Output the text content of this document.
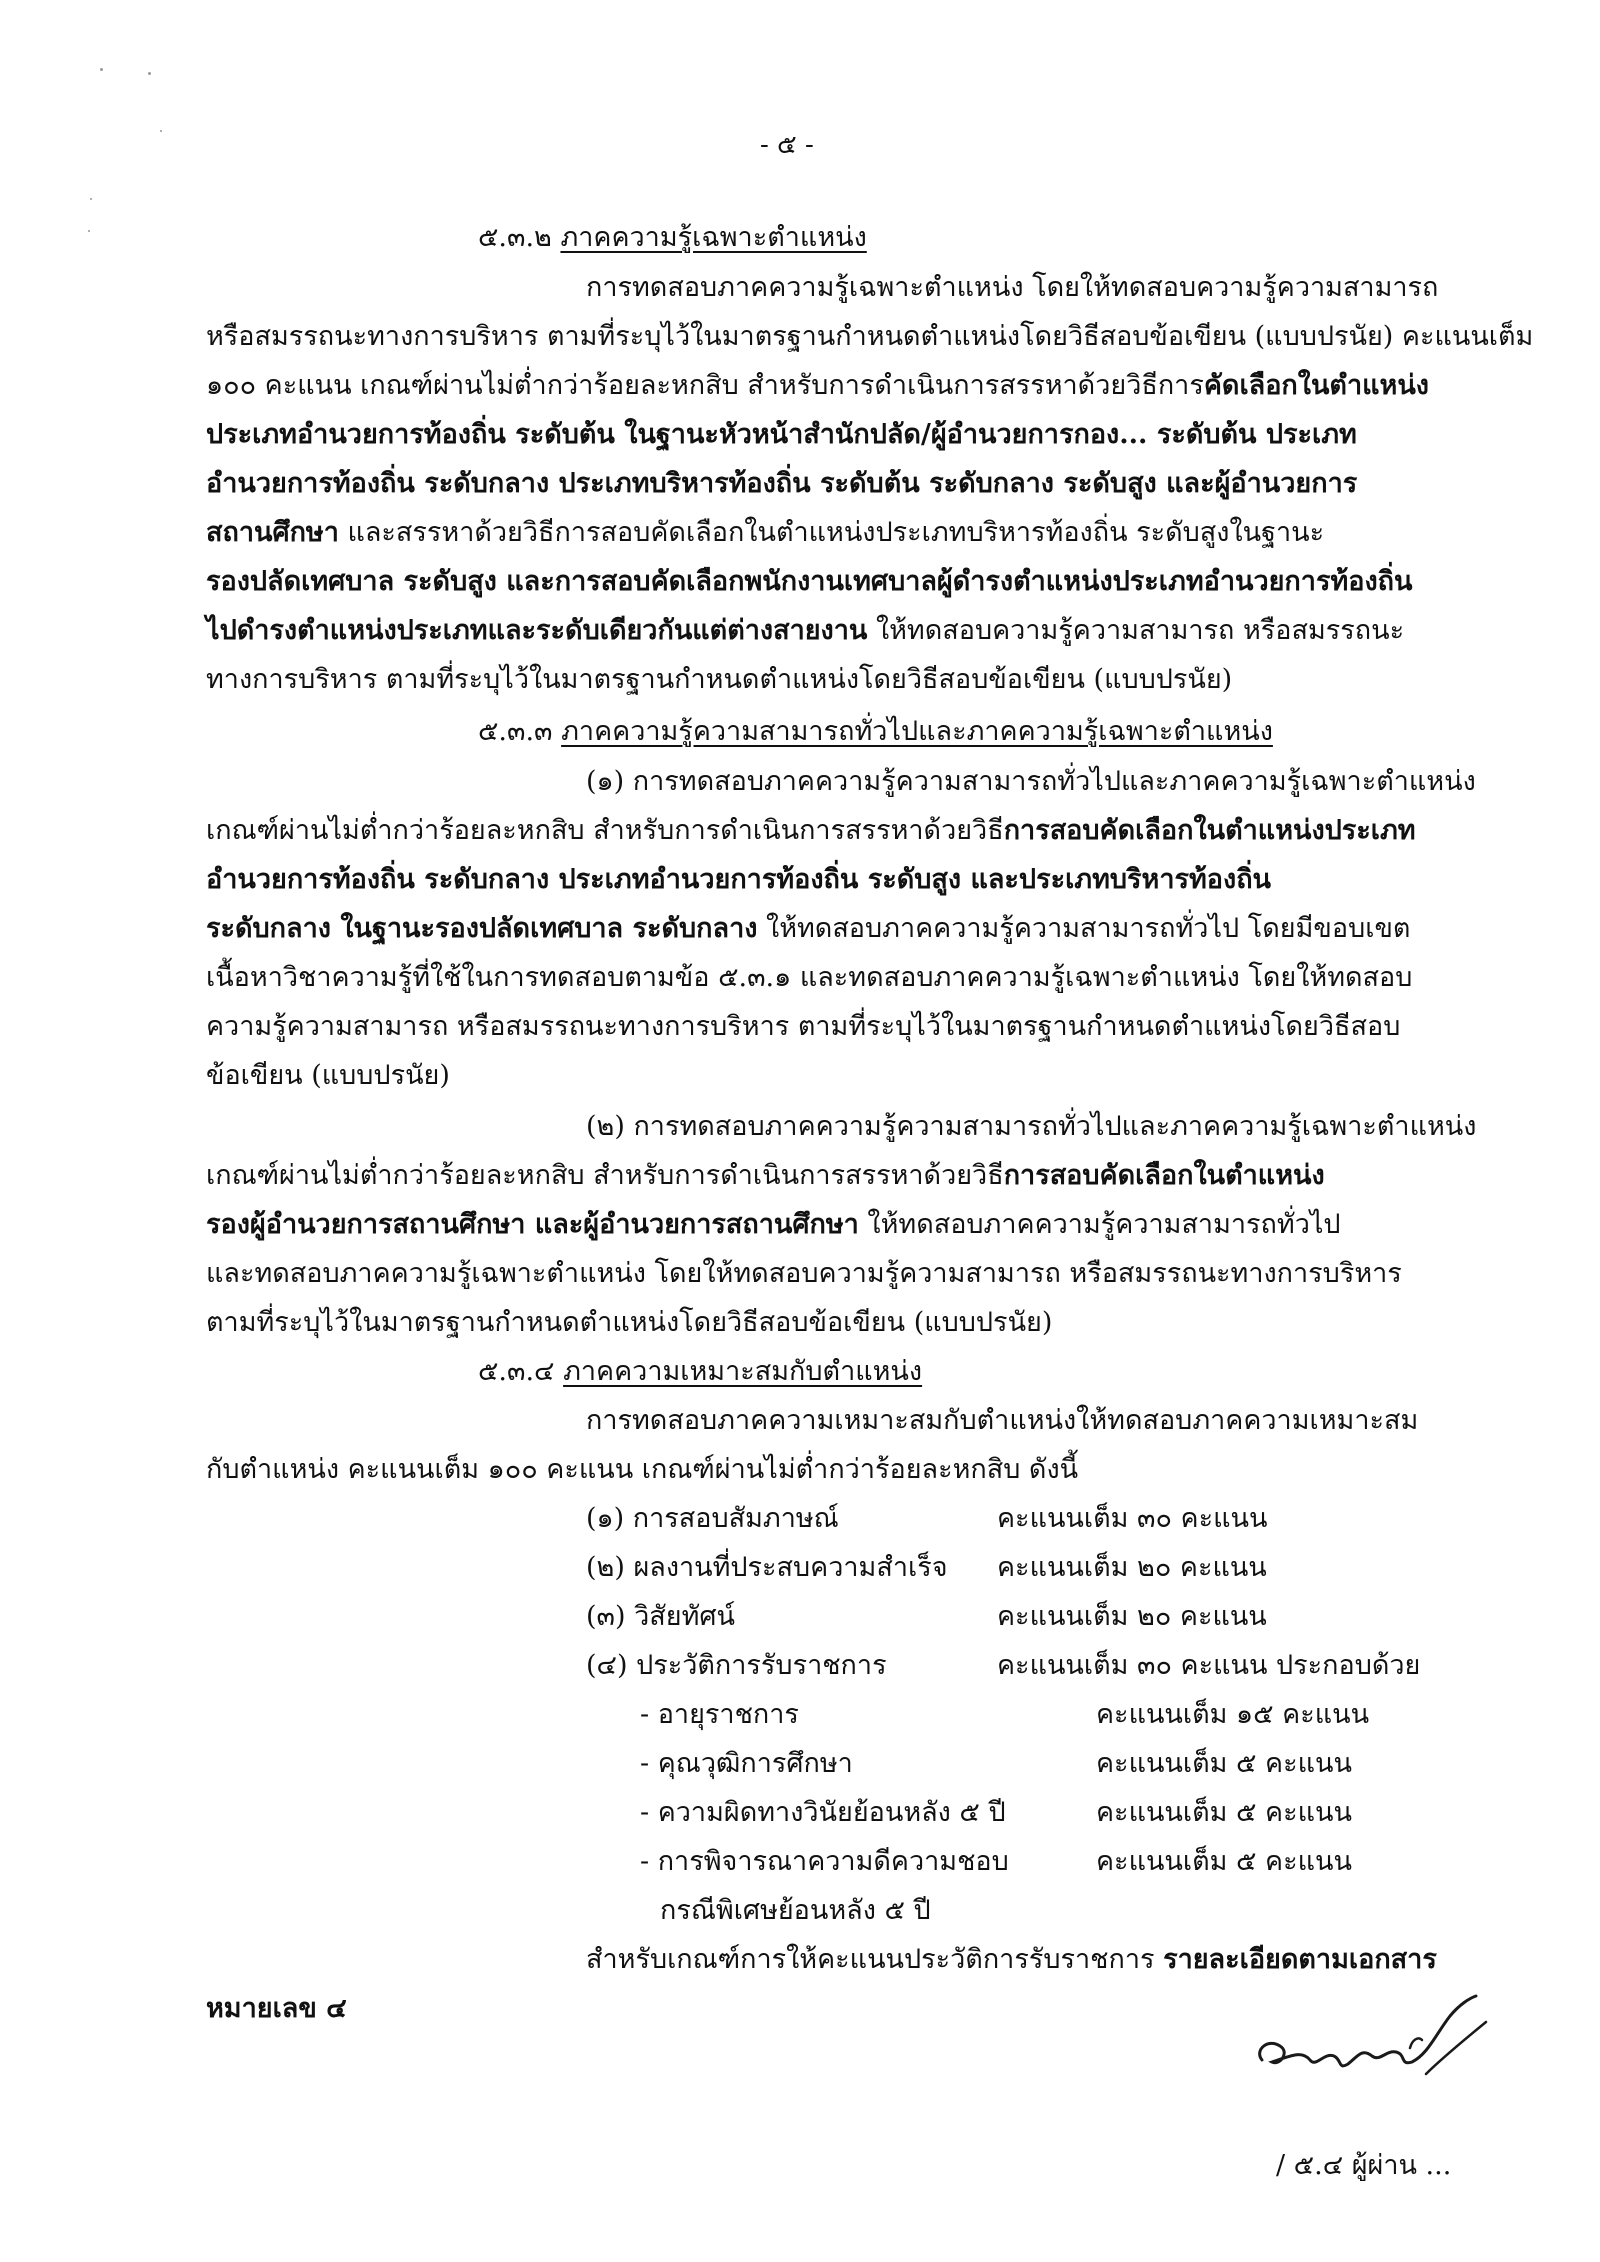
- ๕ -
๕.๓.๒ ภาคความรู้เฉพาะตำแหน่ง
การทดสอบภาคความรู้เฉพาะตำแหน่ง โดยให้ทดสอบความรู้ความสามารถ
หรือสมรรถนะทางการบริหาร ตามที่ระบุไว้ในมาตรฐานกำหนดตำแหน่งโดยวิธีสอบข้อเขียน (แบบปรนัย) คะแนนเต็ม
๑๐๐ คะแนน เกณฑ์ผ่านไม่ต่ำกว่าร้อยละหกสิบ สำหรับการดำเนินการสรรหาด้วยวิธีการคัดเลือกในตำแหน่ง
ประเภทอำนวยการท้องถิ่น ระดับต้น ในฐานะหัวหน้าสำนักปลัด/ผู้อำนวยการกอง... ระดับต้น ประเภท
อำนวยการท้องถิ่น ระดับกลาง ประเภทบริหารท้องถิ่น ระดับต้น ระดับกลาง ระดับสูง และผู้อำนวยการ
สถานศึกษา และสรรหาด้วยวิธีการสอบคัดเลือกในตำแหน่งประเภทบริหารท้องถิ่น ระดับสูงในฐานะ
รองปลัดเทศบาล ระดับสูง และการสอบคัดเลือกพนักงานเทศบาลผู้ดำรงตำแหน่งประเภทอำนวยการท้องถิ่น
ไปดำรงตำแหน่งประเภทและระดับเดียวกันแต่ต่างสายงาน ให้ทดสอบความรู้ความสามารถ หรือสมรรถนะ
ทางการบริหาร ตามที่ระบุไว้ในมาตรฐานกำหนดตำแหน่งโดยวิธีสอบข้อเขียน (แบบปรนัย)
๕.๓.๓ ภาคความรู้ความสามารถทั่วไปและภาคความรู้เฉพาะตำแหน่ง
(๑) การทดสอบภาคความรู้ความสามารถทั่วไปและภาคความรู้เฉพาะตำแหน่ง
เกณฑ์ผ่านไม่ต่ำกว่าร้อยละหกสิบ สำหรับการดำเนินการสรรหาด้วยวิธีการสอบคัดเลือกในตำแหน่งประเภท
อำนวยการท้องถิ่น ระดับกลาง ประเภทอำนวยการท้องถิ่น ระดับสูง และประเภทบริหารท้องถิ่น
ระดับกลาง ในฐานะรองปลัดเทศบาล ระดับกลาง ให้ทดสอบภาคความรู้ความสามารถทั่วไป โดยมีขอบเขต
เนื้อหาวิชาความรู้ที่ใช้ในการทดสอบตามข้อ ๕.๓.๑ และทดสอบภาคความรู้เฉพาะตำแหน่ง โดยให้ทดสอบ
ความรู้ความสามารถ หรือสมรรถนะทางการบริหาร ตามที่ระบุไว้ในมาตรฐานกำหนดตำแหน่งโดยวิธีสอบ
ข้อเขียน (แบบปรนัย)
(๒) การทดสอบภาคความรู้ความสามารถทั่วไปและภาคความรู้เฉพาะตำแหน่ง
เกณฑ์ผ่านไม่ต่ำกว่าร้อยละหกสิบ สำหรับการดำเนินการสรรหาด้วยวิธีการสอบคัดเลือกในตำแหน่ง
รองผู้อำนวยการสถานศึกษา และผู้อำนวยการสถานศึกษา ให้ทดสอบภาคความรู้ความสามารถทั่วไป
และทดสอบภาคความรู้เฉพาะตำแหน่ง โดยให้ทดสอบความรู้ความสามารถ หรือสมรรถนะทางการบริหาร
ตามที่ระบุไว้ในมาตรฐานกำหนดตำแหน่งโดยวิธีสอบข้อเขียน (แบบปรนัย)
๕.๓.๔ ภาคความเหมาะสมกับตำแหน่ง
การทดสอบภาคความเหมาะสมกับตำแหน่งให้ทดสอบภาคความเหมาะสม
กับตำแหน่ง คะแนนเต็ม ๑๐๐ คะแนน เกณฑ์ผ่านไม่ต่ำกว่าร้อยละหกสิบ ดังนี้
(๑) การสอบสัมภาษณ์	คะแนนเต็ม ๓๐ คะแนน
(๒) ผลงานที่ประสบความสำเร็จ คะแนนเต็ม ๒๐ คะแนน
(๓) วิสัยทัศน์	คะแนนเต็ม ๒๐ คะแนน
(๔) ประวัติการรับราชการ	คะแนนเต็ม ๓๐ คะแนน ประกอบด้วย
- อายุราชการ	คะแนนเต็ม ๑๕ คะแนน
- คุณวุฒิการศึกษา	คะแนนเต็ม ๕ คะแนน
- ความผิดทางวินัยย้อนหลัง ๕ ปี	คะแนนเต็ม ๕ คะแนน
- การพิจารณาความดีความชอบ	คะแนนเต็ม ๕ คะแนน
กรณีพิเศษย้อนหลัง ๕ ปี
สำหรับเกณฑ์การให้คะแนนประวัติการรับราชการ รายละเอียดตามเอกสาร
หมายเลข ๔
/ ๕.๔ ผู้ผ่าน ...
